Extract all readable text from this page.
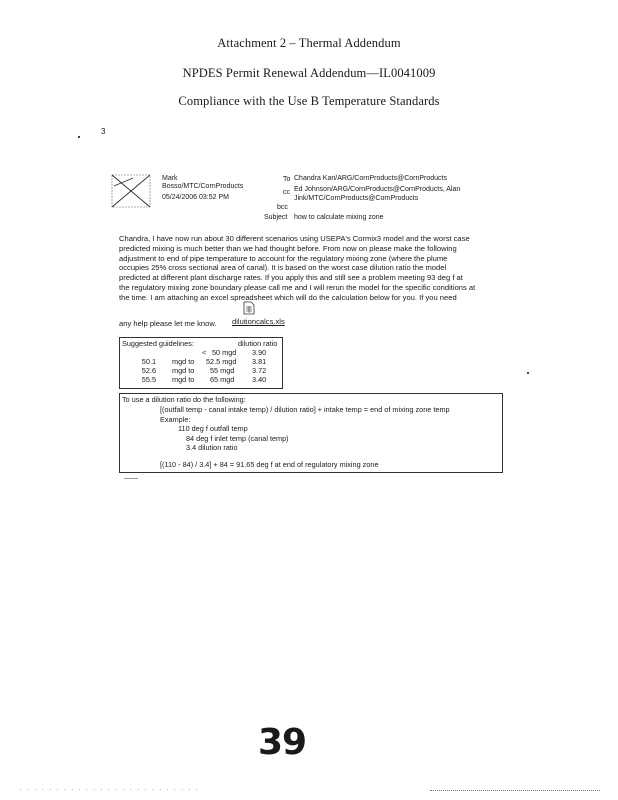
Attachment 2 – Thermal Addendum
NPDES Permit Renewal Addendum—IL0041009
Compliance with the Use B Temperature Standards
3
Mark
Bosso/MTC/CornProducts
05/24/2006 03:52 PM
To Chandra Kari/ARG/CornProducts@CornProducts
cc Ed Johnson/ARG/CornProducts@CornProducts, Alan
Jink/MTC/CornProducts@CornProducts
bcc
Subject how to calculate mixing zone
Chandra, I have now run about 30 different scenarios using USEPA's Cormix3 model and the worst case
predicted mixing is much better than we had thought before. From now on please make the following
adjustment to end of pipe temperature to account for the regulatory mixing zone (where the plume
occupies 25% cross sectional area of canal). It is based on the worst case dilution ratio the model
predicted at different plant discharge rates. If you apply this and still see a problem meeting 93 deg f at
the regulatory mixing zone boundary please call me and I will rerun the model for the specific conditions at
the time. I am attaching an excel spreadsheet which will do the calculation below for you. If you need
any help please let me know. dilutioncalcs.xls
Suggested guidelines:	dilution ratio
< 50 mgd 3.90
50.1 mgd to 52.5 mgd 3.81
52.6 mgd to 55 mgd 3.72
55.5 mgd to 65 mgd 3.40
To use a dilution ratio do the following:
[(outfall temp - canal intake temp) / dilution ratio] + intake temp = end of mixing zone temp
Example:
110 deg f outfall temp
84 deg f inlet temp (canal temp)
3.4 dilution ratio
[(110 - 84) / 3.4] + 84 = 91.65 deg f at end of regulatory mixing zone
39
. . . . . . . . . . . . . . . . . . . . . . . . .
